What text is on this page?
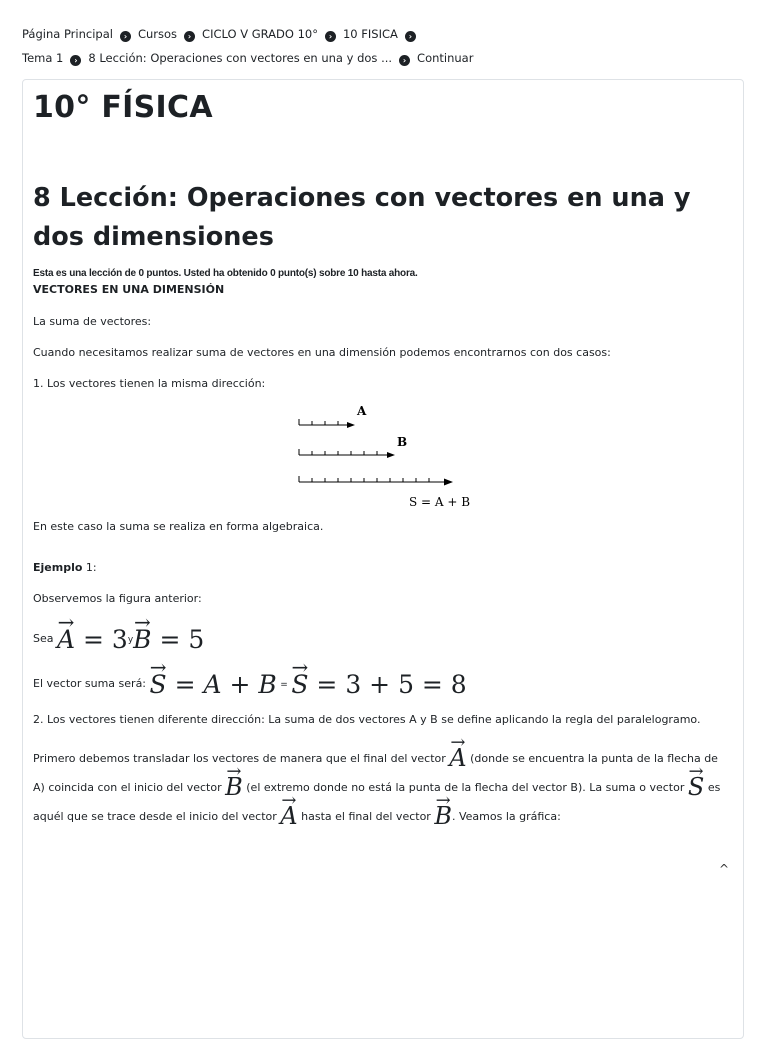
Página Principal › Cursos › CICLO V GRADO 10° › 10 FISICA ›
Tema 1 › 8 Lección: Operaciones con vectores en una y dos ... › Continuar
10° FÍSICA
8 Lección: Operaciones con vectores en una y dos dimensiones
Esta es una lección de 0 puntos. Usted ha obtenido 0 punto(s) sobre 10 hasta ahora.
VECTORES EN UNA DIMENSIÓN
La suma de vectores:
Cuando necesitamos realizar suma de vectores en una dimensión podemos encontrarnos con dos casos:
1. Los vectores tienen la misma dirección:
A
B
S = A + B
En este caso la suma se realiza en forma algebraica.
Ejemplo 1:
Observemos la figura anterior:
Sea → $A = 3^y\to B = 5$
El vector suma será: → S = A + B = → S = 3 + 5 = 8
2. Los vectores tienen diferente dirección: La suma de dos vectores A y B se define aplicando la regla del paralelogramo.
Primero debemos transladar los vectores de manera que el final del vector → A (donde se encuentra la punta de la flecha de A) coincida con el inicio del vector → B (el extremo donde no está la punta de la flecha del vector B). La suma o vector → S es aquél que se trace desde el inicio del vector → A hasta el final del vector → B. Veamos la gráfica:
^
